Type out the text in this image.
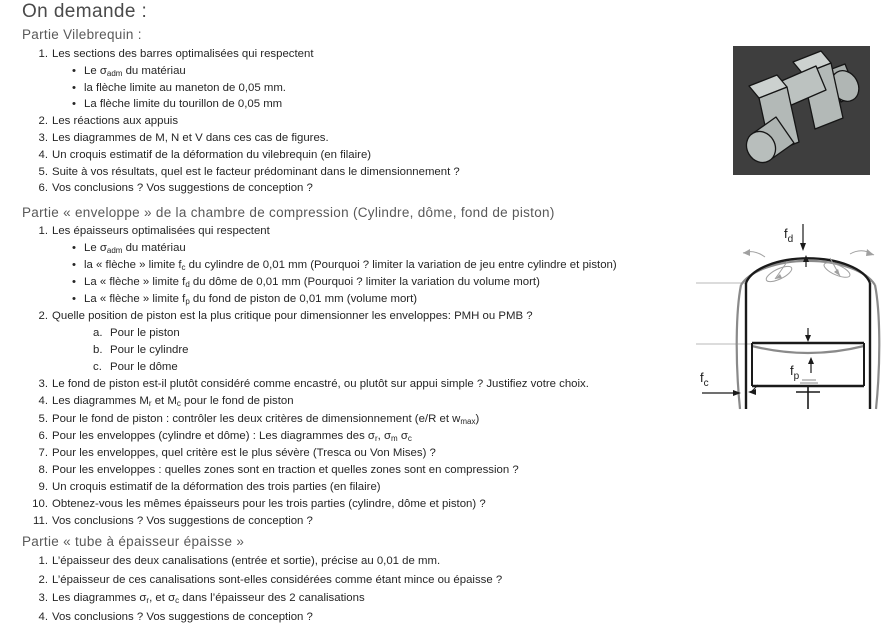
On demande :
Partie Vilebrequin :
1. Les sections des barres optimalisées qui respectent
• Le $\sigma_{adm}$ du matériau
• la flèche limite au maneton de 0,05 mm.
• La flèche limite du tourillon de 0,05 mm
2. Les réactions aux appuis
3. Les diagrammes de M, N et V dans ces cas de figures.
4. Un croquis estimatif de la déformation du vilebrequin (en filaire)
5. Suite à vos résultats, quel est le facteur prédominant dans le dimensionnement ?
6. Vos conclusions ? Vos suggestions de conception ?
Partie « enveloppe » de la chambre de compression (Cylindre, dôme, fond de piston)
1. Les épaisseurs optimalisées qui respectent
• Le $\sigma_{adm}$ du matériau
• la « flèche » limite $f_c$ du cylindre de 0,01 mm (Pourquoi ? limiter la variation de jeu entre cylindre et piston)
• La « flèche » limite $f_d$ du dôme de 0,01 mm (Pourquoi ? limiter la variation du volume mort)
• La « flèche » limite $f_p$ du fond de piston de 0,01 mm (volume mort)
2. Quelle position de piston est la plus critique pour dimensionner les enveloppes: PMH ou PMB ?
a. Pour le piston
b. Pour le cylindre
c. Pour le dôme
3. Le fond de piston est-il plutôt considéré comme encastré, ou plutôt sur appui simple ? Justifiez votre choix.
4. Les diagrammes $M_r$ et $M_c$ pour le fond de piston
5. Pour le fond de piston : contrôler les deux critères de dimensionnement (e/R et $w_{max}$)
6. Pour les enveloppes (cylindre et dôme) : Les diagrammes des $\sigma_r$, $\sigma_m$ $\sigma_c$
7. Pour les enveloppes, quel critère est le plus sévère (Tresca ou Von Mises) ?
8. Pour les enveloppes : quelles zones sont en traction et quelles zones sont en compression ?
9. Un croquis estimatif de la déformation des trois parties (en filaire)
10. Obtenez-vous les mêmes épaisseurs pour les trois parties (cylindre, dôme et piston) ?
11. Vos conclusions ? Vos suggestions de conception ?
Partie « tube à épaisseur épaisse »
1. L’épaisseur des deux canalisations (entrée et sortie), précise au 0,01 de mm.
2. L’épaisseur de ces canalisations sont-elles considérées comme étant mince ou épaisse ?
3. Les diagrammes $\sigma_r$, et $\sigma_c$ dans l’épaisseur des 2 canalisations
4. Vos conclusions ? Vos suggestions de conception ?
$f_d$
$f_p$
$f_c$
